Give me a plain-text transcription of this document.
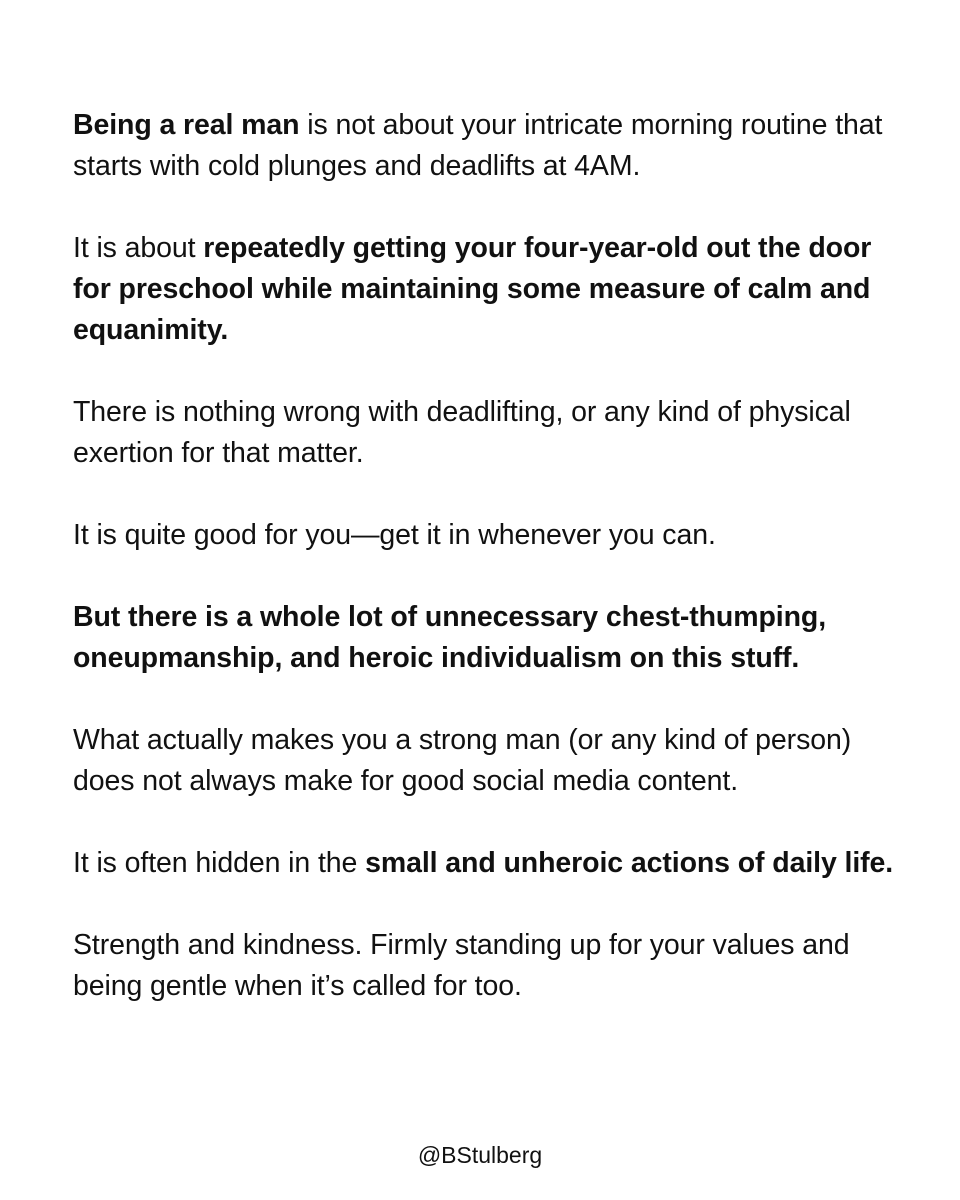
Being a real man is not about your intricate morning routine that starts with cold plunges and deadlifts at 4AM.

It is about repeatedly getting your four-year-old out the door for preschool while maintaining some measure of calm and equanimity.

There is nothing wrong with deadlifting, or any kind of physical exertion for that matter.

It is quite good for you—get it in whenever you can.

But there is a whole lot of unnecessary chest-thumping, oneupmanship, and heroic individualism on this stuff.

What actually makes you a strong man (or any kind of person) does not always make for good social media content.

It is often hidden in the small and unheroic actions of daily life.

Strength and kindness. Firmly standing up for your values and being gentle when it’s called for too.

@BStulberg
